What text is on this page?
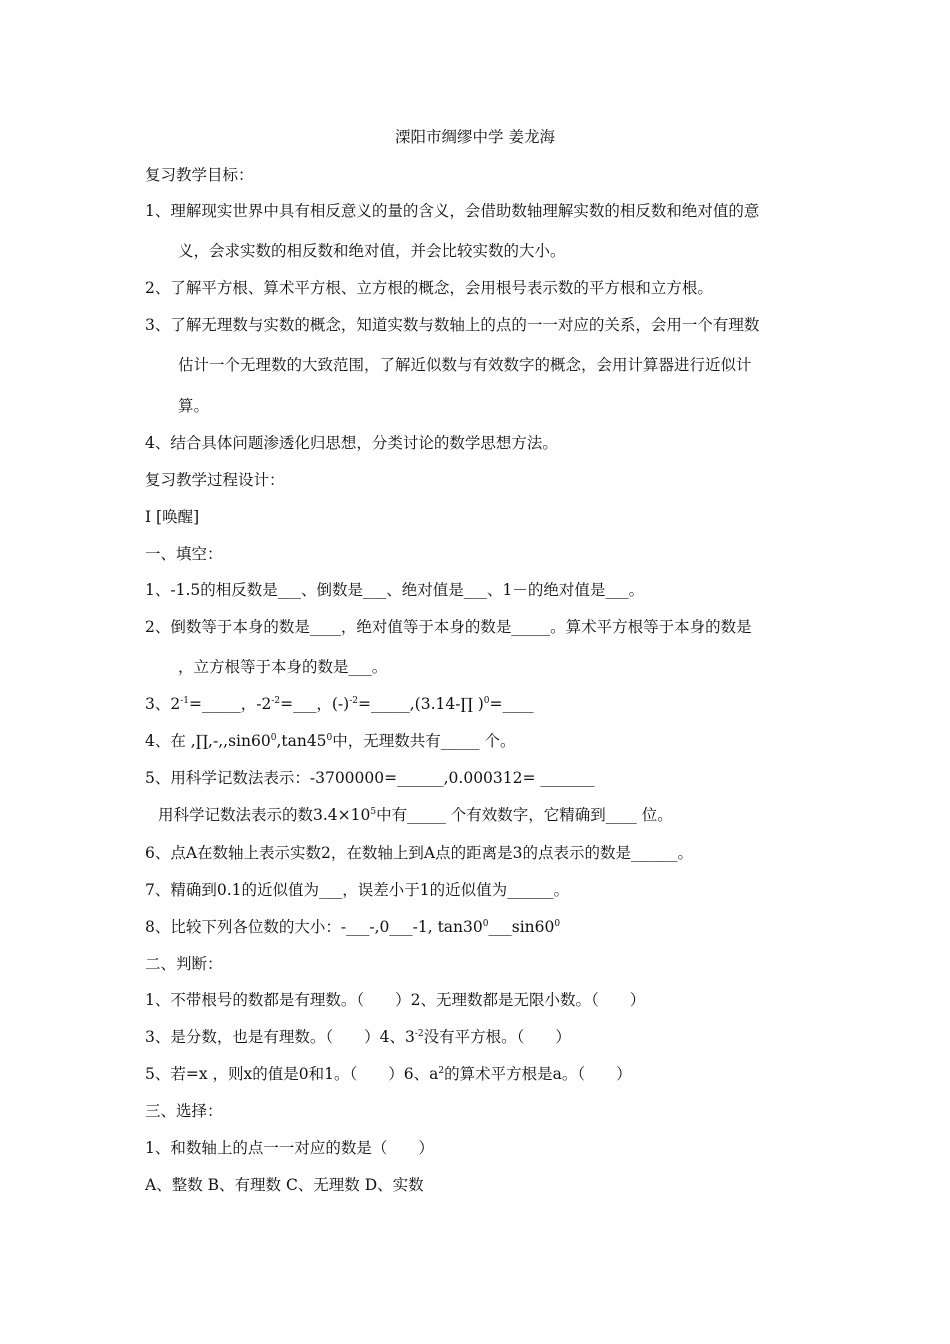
溧阳市绸缪中学 姜龙海
复习教学目标：
1、理解现实世界中具有相反意义的量的含义，会借助数轴理解实数的相反数和绝对值的意
义，会求实数的相反数和绝对值，并会比较实数的大小。
2、了解平方根、算术平方根、立方根的概念，会用根号表示数的平方根和立方根。
3、了解无理数与实数的概念，知道实数与数轴上的点的一一对应的关系，会用一个有理数
估计一个无理数的大致范围，了解近似数与有效数字的概念，会用计算器进行近似计
算。
4、结合具体问题渗透化归思想，分类讨论的数学思想方法。
复习教学过程设计：
Ⅰ [唤醒]
一、填空：
1、-1.5的相反数是___、倒数是___、绝对值是___、1－的绝对值是___。
2、倒数等于本身的数是____，绝对值等于本身的数是_____。算术平方根等于本身的数是
，立方根等于本身的数是___。
3、$2^{-1}=\_\_\_\_\_$，$-2^{-2}=\_\_\_$，$(-)^{-2}=\_\_\_\_\_,(3.14-\prod$ )$^0$=____
4、在 $,\prod,-,,\sin 60^0,\tan 45^0$中，无理数共有_____ 个。
5、用科学记数法表示：-3700000=______,0.000312= _______
用科学记数法表示的数$3.4\times 10^5$中有_____ 个有效数字，它精确到____ 位。
6、点A在数轴上表示实数2，在数轴上到A点的距离是3的点表示的数是______。
7、精确到0.1的近似值为___，误差小于1的近似值为______。
8、比较下列各位数的大小：-___-,0___-1, $\tan 30^0\_\_\_\sin 60^0$
二、判断：
1、不带根号的数都是有理数。（　　）2、无理数都是无限小数。（　　）
3、是分数，也是有理数。（　　）4、$3^{-2}$没有平方根。（　　）
5、若=x ，则x的值是0和1。（　　）6、$a^2$的算术平方根是a。（　　）
三、选择：
1、和数轴上的点一一对应的数是（　　）
A、整数 B、有理数 C、无理数 D、实数
